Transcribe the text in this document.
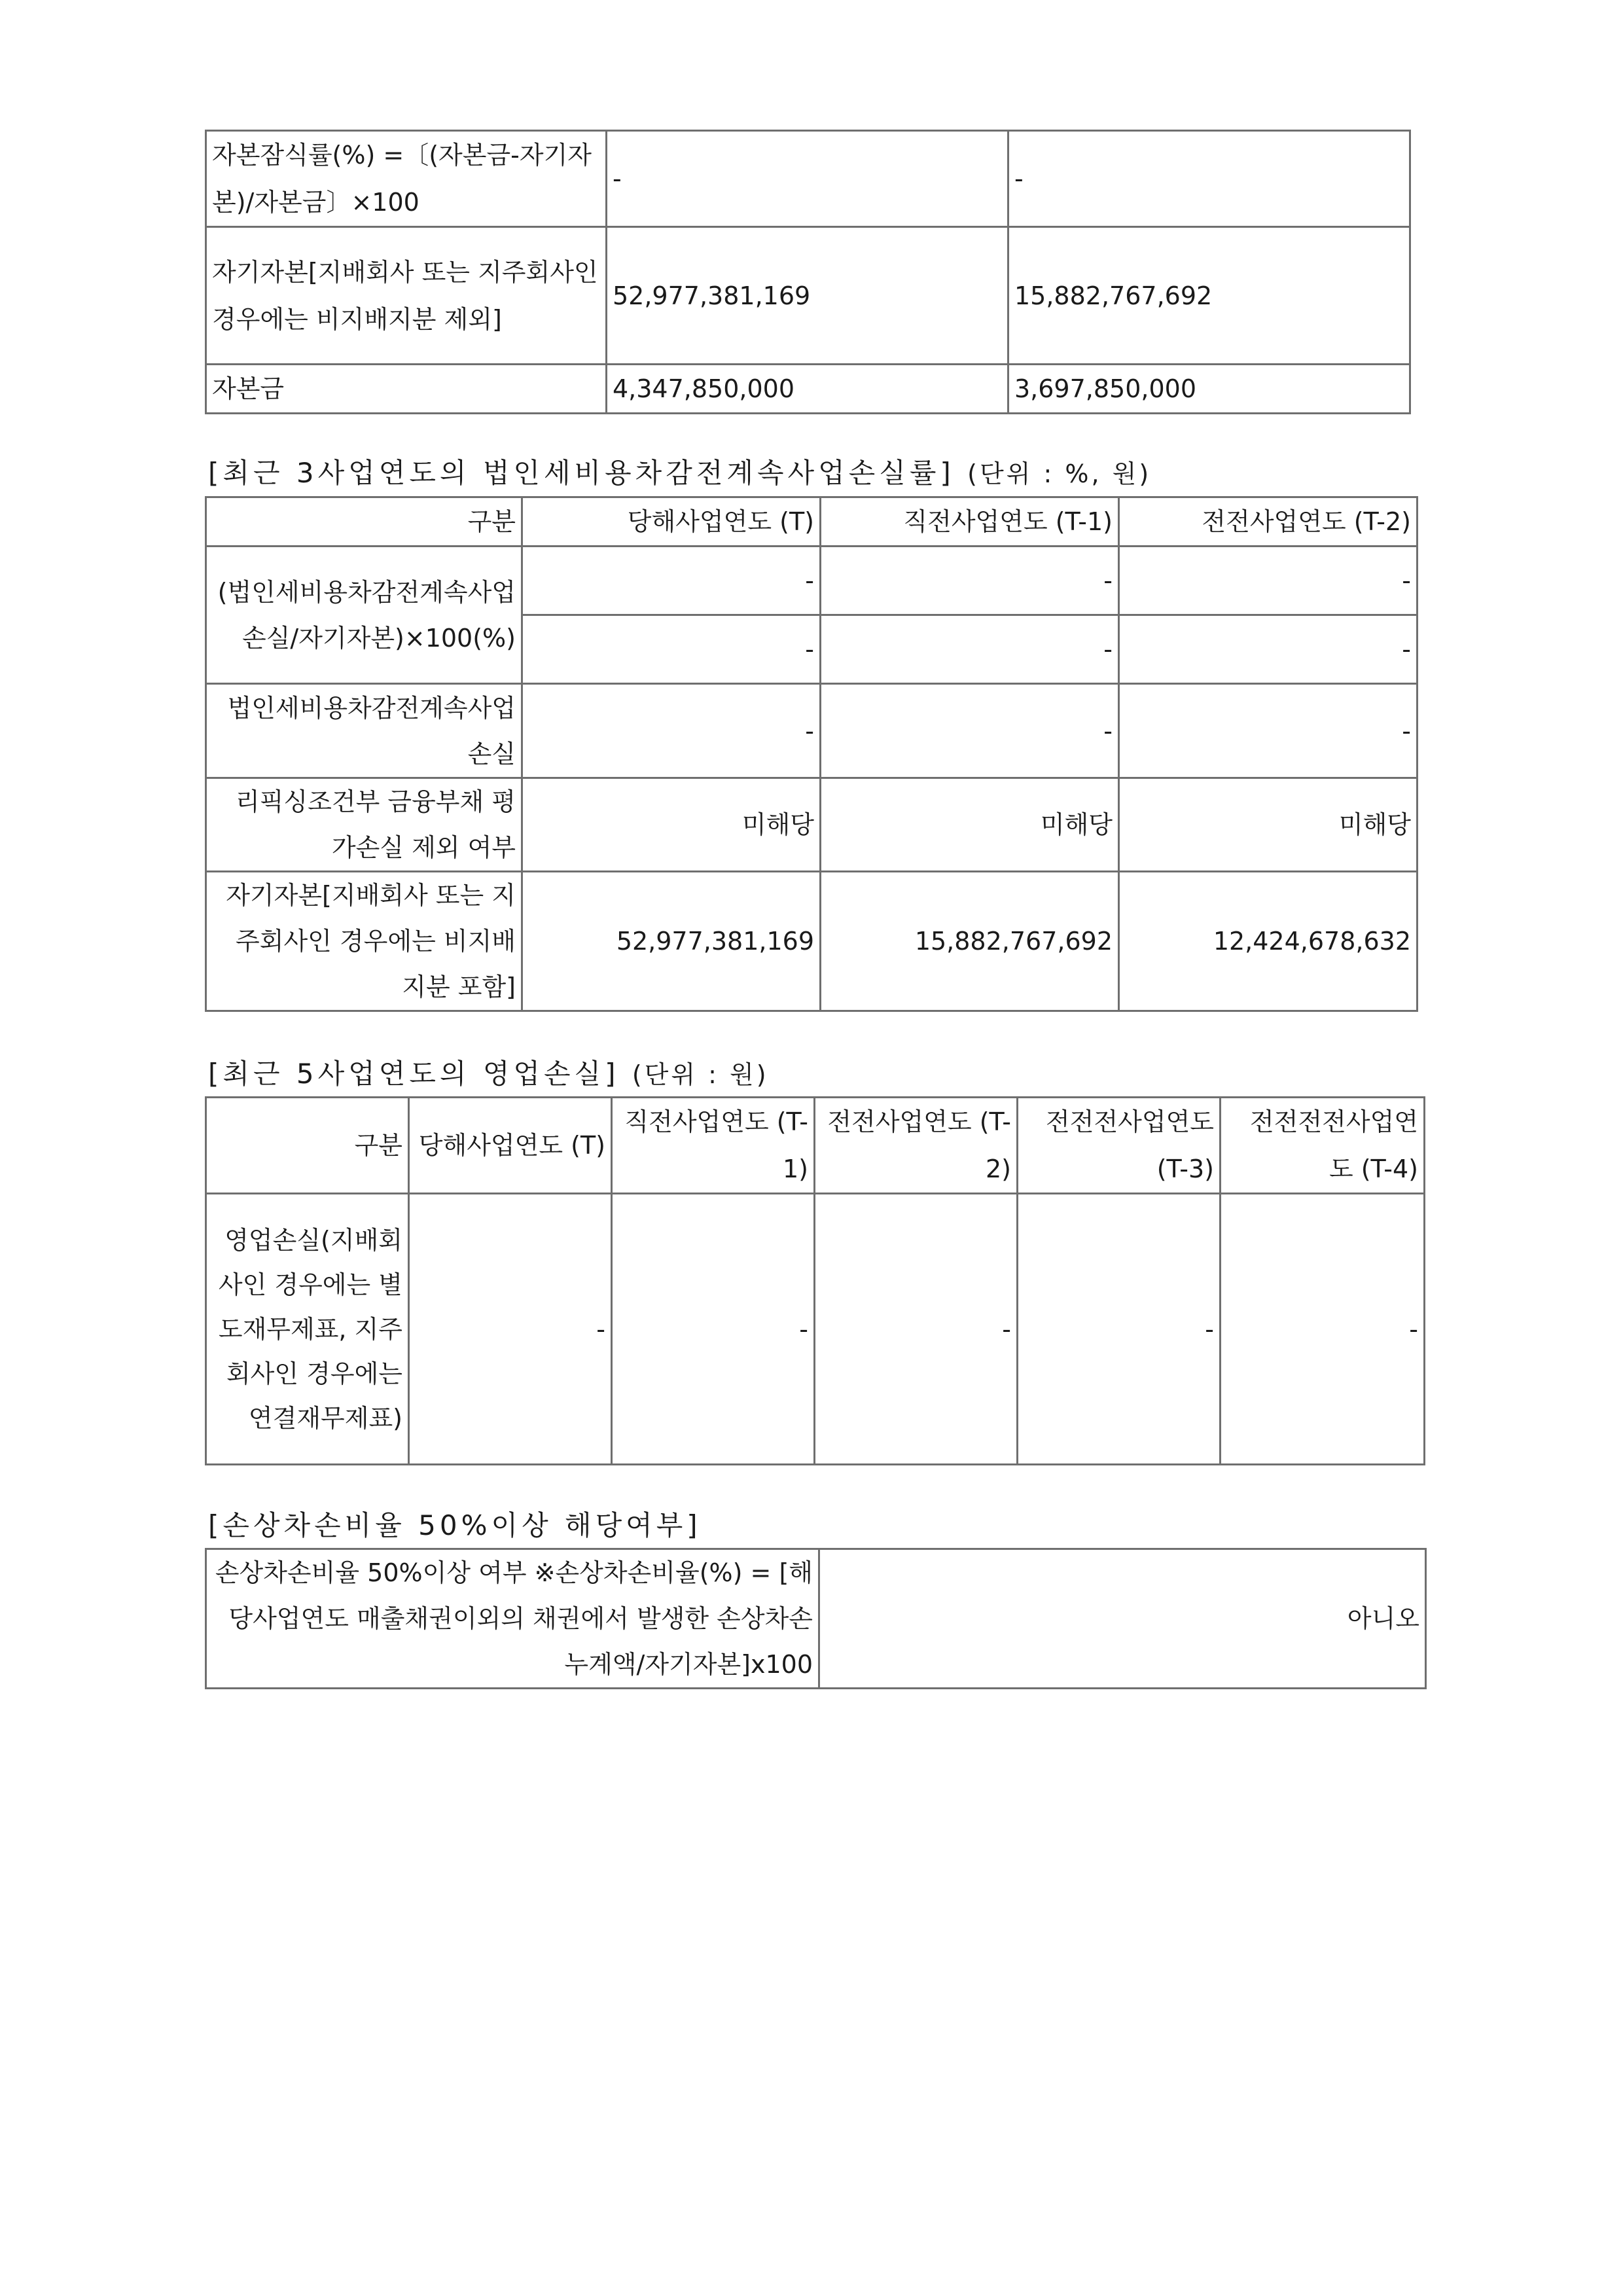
자본잠식률(%) =〔(자본금-자기자본)/자본금〕×100	-	-
자기자본[지배회사 또는 지주회사인 경우에는 비지배지분 제외]	52,977,381,169	15,882,767,692
자본금	4,347,850,000	3,697,850,000
[최근 3사업연도의 법인세비용차감전계속사업손실률] (단위 : %, 원)
구분	당해사업연도 (T)	직전사업연도 (T-1)	전전사업연도 (T-2)
(법인세비용차감전계속사업손실/자기자본)×100(%)	-	-	-
	-	-	-
법인세비용차감전계속사업손실	-	-	-
리픽싱조건부 금융부채 평가손실 제외 여부	미해당	미해당	미해당
자기자본[지배회사 또는 지주회사인 경우에는 비지배지분 포함]	52,977,381,169	15,882,767,692	12,424,678,632
[최근 5사업연도의 영업손실] (단위 : 원)
구분	당해사업연도 (T)	직전사업연도 (T-1)	전전사업연도 (T-2)	전전전사업연도 (T-3)	전전전전사업연도 (T-4)
영업손실(지배회사인 경우에는 별도재무제표, 지주회사인 경우에는 연결재무제표)	-	-	-	-	-
[손상차손비율 50%이상 해당여부]
손상차손비율 50%이상 여부 ※손상차손비율(%) = [해당사업연도 매출채권이외의 채권에서 발생한 손상차손 누계액/자기자본]x100	아니오
